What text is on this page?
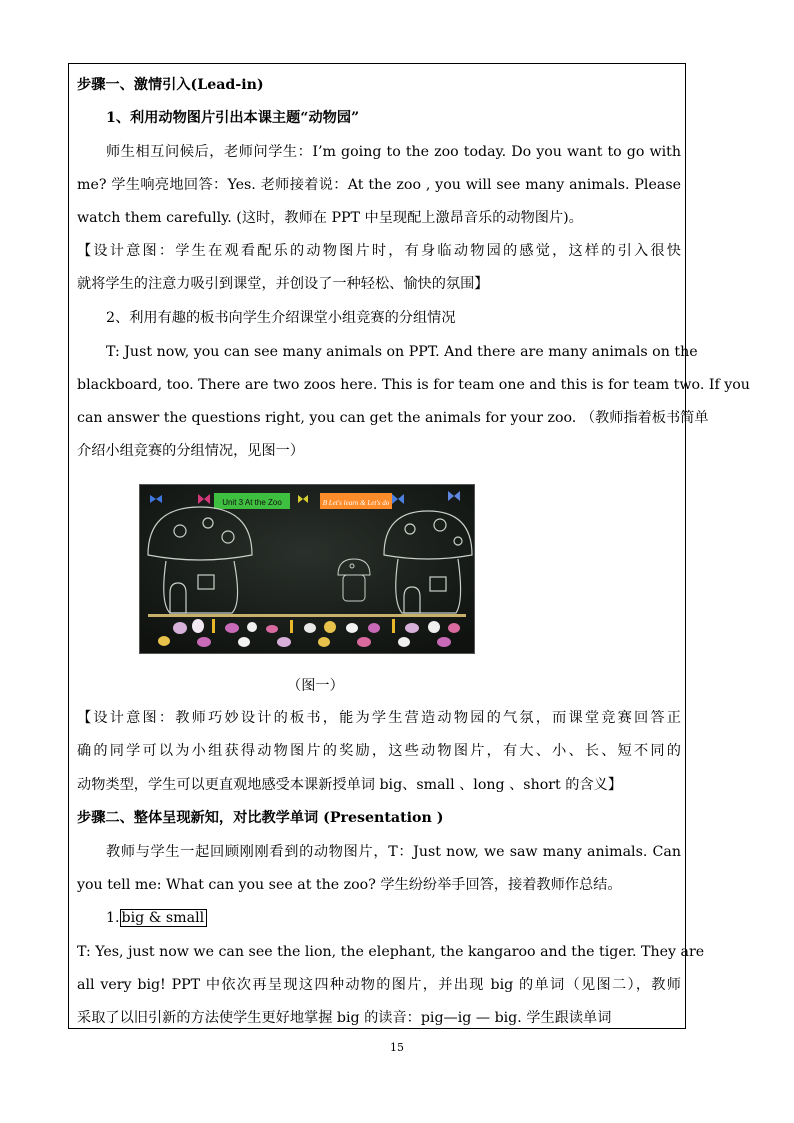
步骤一、激情引入(Lead-in)
1、利用动物图片引出本课主题“动物园”
师生相互问候后，老师问学生：I’m going to the zoo today. Do you want to go with
me? 学生响亮地回答：Yes. 老师接着说：At the zoo , you will see many animals. Please
watch them carefully. (这时，教师在 PPT 中呈现配上激昂音乐的动物图片)。
【设计意图：学生在观看配乐的动物图片时，有身临动物园的感觉，这样的引入很快
就将学生的注意力吸引到课堂，并创设了一种轻松、愉快的氛围】
2、利用有趣的板书向学生介绍课堂小组竞赛的分组情况
T: Just now, you can see many animals on PPT. And there are many animals on the
blackboard, too. There are two zoos here. This is for team one and this is for team two. If you
can answer the questions right, you can get the animals for your zoo. （教师指着板书简单
介绍小组竞赛的分组情况，见图一）
Unit 3 At the Zoo	B Let's learn & Let's do
（图一）
【设计意图：教师巧妙设计的板书，能为学生营造动物园的气氛，而课堂竞赛回答正
确的同学可以为小组获得动物图片的奖励，这些动物图片，有大、小、长、短不同的
动物类型，学生可以更直观地感受本课新授单词 big、small 、long 、short 的含义】
步骤二、整体呈现新知，对比教学单词 (Presentation )
教师与学生一起回顾刚刚看到的动物图片，T：Just now, we saw many animals. Can
you tell me: What can you see at the zoo? 学生纷纷举手回答，接着教师作总结。
1. big & small
T: Yes, just now we can see the lion, the elephant, the kangaroo and the tiger. They are
all very big! PPT 中依次再呈现这四种动物的图片，并出现 big 的单词（见图二），教师
采取了以旧引新的方法使学生更好地掌握 big 的读音：pig—ig — big. 学生跟读单词
15
